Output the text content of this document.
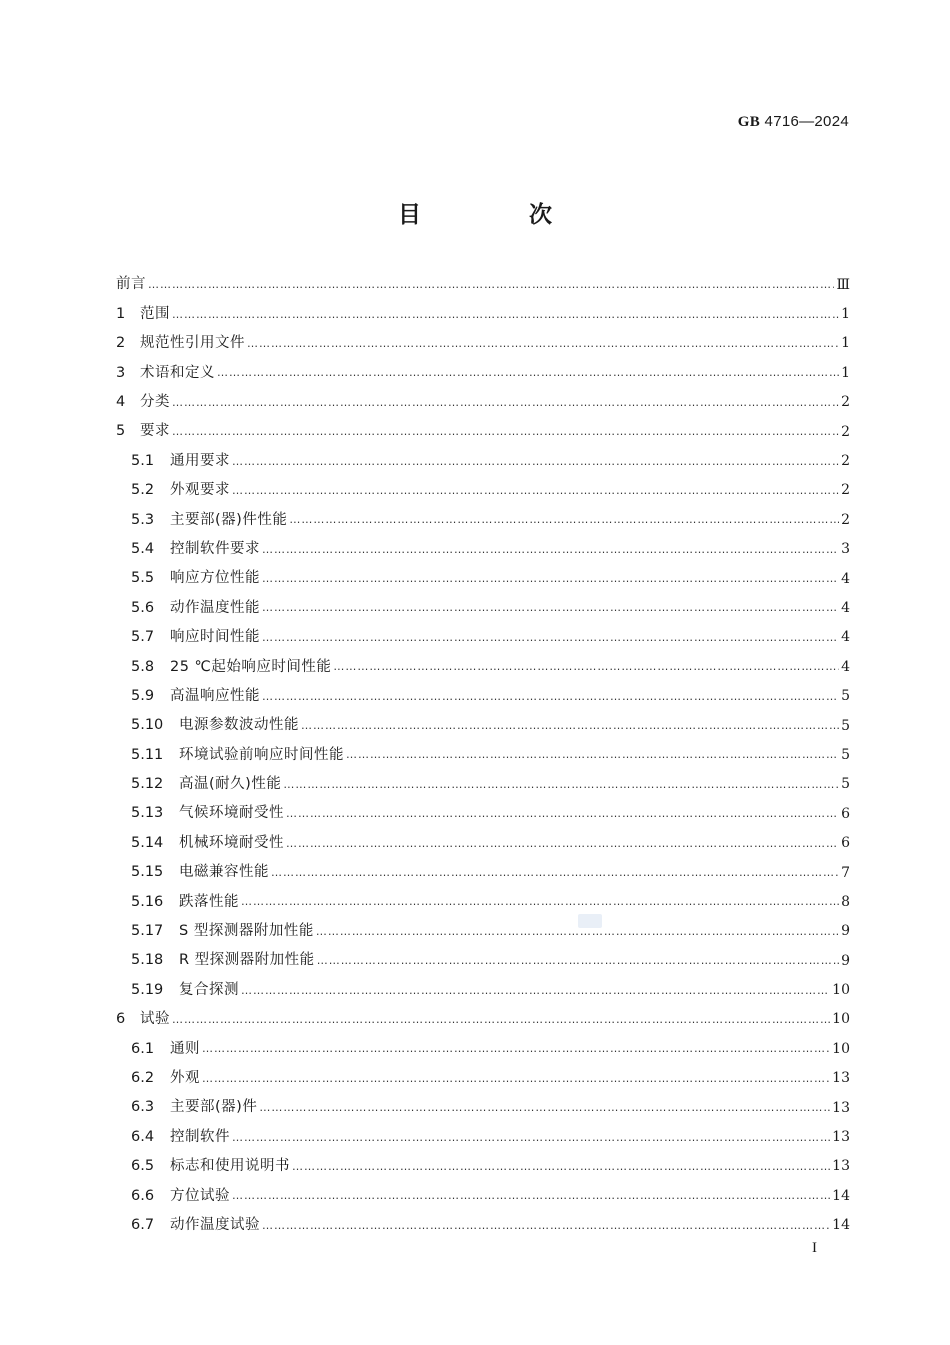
GB 4716—2024
目 次
前言 …………………………………………………………………………………………………………………………………………………………………………………………………………………………………	Ⅲ
1	范围 …………………………………………………………………………………………………………………………………………………………………………………………………………………………………	1
2	规范性引用文件 …………………………………………………………………………………………………………………………………………………………………………………………………………………………………	1
3	术语和定义 …………………………………………………………………………………………………………………………………………………………………………………………………………………………………	1
4	分类 …………………………………………………………………………………………………………………………………………………………………………………………………………………………………	2
5	要求 …………………………………………………………………………………………………………………………………………………………………………………………………………………………………	2
5.1	通用要求 …………………………………………………………………………………………………………………………………………………………………………………………………………………………………	2
5.2	外观要求 …………………………………………………………………………………………………………………………………………………………………………………………………………………………………	2
5.3	主要部(器)件性能 …………………………………………………………………………………………………………………………………………………………………………………………………………………………………	2
5.4	控制软件要求 …………………………………………………………………………………………………………………………………………………………………………………………………………………………………	3
5.5	响应方位性能 …………………………………………………………………………………………………………………………………………………………………………………………………………………………………	4
5.6	动作温度性能 …………………………………………………………………………………………………………………………………………………………………………………………………………………………………	4
5.7	响应时间性能 …………………………………………………………………………………………………………………………………………………………………………………………………………………………………	4
5.8	25 ℃起始响应时间性能 …………………………………………………………………………………………………………………………………………………………………………………………………………………………………	4
5.9	高温响应性能 …………………………………………………………………………………………………………………………………………………………………………………………………………………………………	5
5.10	电源参数波动性能 …………………………………………………………………………………………………………………………………………………………………………………………………………………………………	5
5.11	环境试验前响应时间性能 …………………………………………………………………………………………………………………………………………………………………………………………………………………………………	5
5.12	高温(耐久)性能 …………………………………………………………………………………………………………………………………………………………………………………………………………………………………	5
5.13	气候环境耐受性 …………………………………………………………………………………………………………………………………………………………………………………………………………………………………	6
5.14	机械环境耐受性 …………………………………………………………………………………………………………………………………………………………………………………………………………………………………	6
5.15	电磁兼容性能 …………………………………………………………………………………………………………………………………………………………………………………………………………………………………	7
5.16	跌落性能 …………………………………………………………………………………………………………………………………………………………………………………………………………………………………	8
5.17	S 型探测器附加性能 …………………………………………………………………………………………………………………………………………………………………………………………………………………………………	9
5.18	R 型探测器附加性能 …………………………………………………………………………………………………………………………………………………………………………………………………………………………………	9
5.19	复合探测 …………………………………………………………………………………………………………………………………………………………………………………………………………………………………	10
6	试验 …………………………………………………………………………………………………………………………………………………………………………………………………………………………………	10
6.1	通则 …………………………………………………………………………………………………………………………………………………………………………………………………………………………………	10
6.2	外观 …………………………………………………………………………………………………………………………………………………………………………………………………………………………………	13
6.3	主要部(器)件 …………………………………………………………………………………………………………………………………………………………………………………………………………………………………	13
6.4	控制软件 …………………………………………………………………………………………………………………………………………………………………………………………………………………………………	13
6.5	标志和使用说明书 …………………………………………………………………………………………………………………………………………………………………………………………………………………………………	13
6.6	方位试验 …………………………………………………………………………………………………………………………………………………………………………………………………………………………………	14
6.7	动作温度试验 …………………………………………………………………………………………………………………………………………………………………………………………………………………………………	14
I
